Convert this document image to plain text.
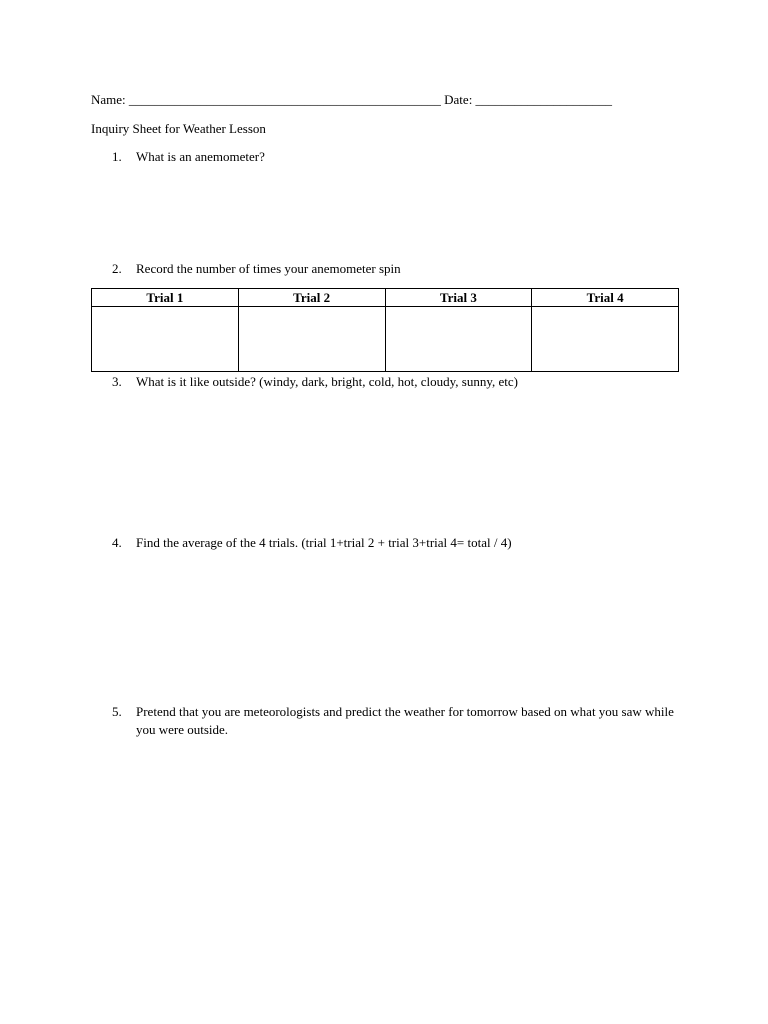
Name: ________________________________________________ Date: _____________________
Inquiry Sheet for Weather Lesson
1. What is an anemometer?
2. Record the number of times your anemometer spin
Trial 1	Trial 2	Trial 3	Trial 4

3. What is it like outside? (windy, dark, bright, cold, hot, cloudy, sunny, etc)
4. Find the average of the 4 trials. (trial 1+trial 2 + trial 3+trial 4= total / 4)
5. Pretend that you are meteorologists and predict the weather for tomorrow based on what you saw while you were outside.
